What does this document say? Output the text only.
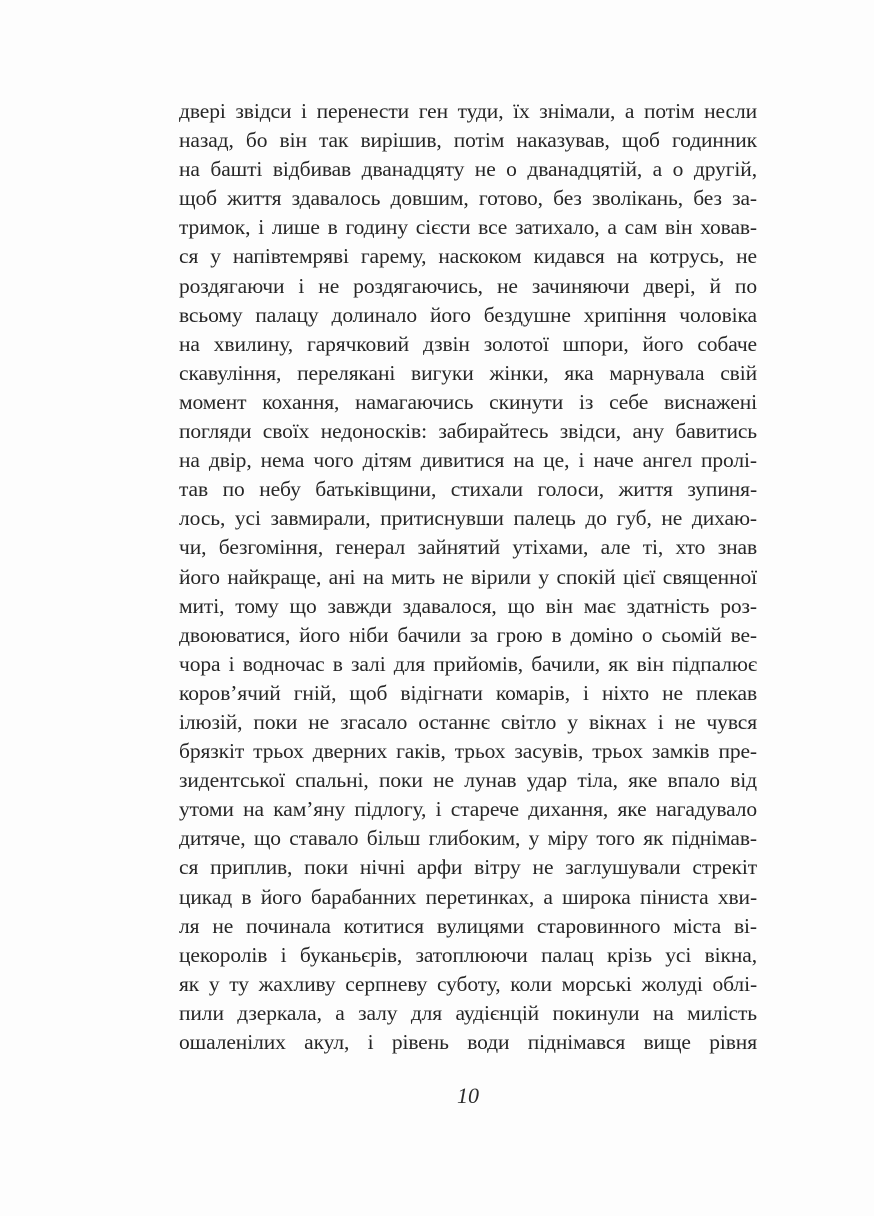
двері звідси і перенести ген туди, їх знімали, а потім несли
назад, бо він так вирішив, потім наказував, щоб годинник
на башті відбивав дванадцяту не о дванадцятій, а о другій,
щоб життя здавалось довшим, готово, без зволікань, без за-
тримок, і лише в годину сієсти все затихало, а сам він ховав-
ся у напівтемряві гарему, наскоком кидався на котрусь, не
роздягаючи і не роздягаючись, не зачиняючи двері, й по
всьому палацу долинало його бездушне хрипіння чоловіка
на хвилину, гарячковий дзвін золотої шпори, його собаче
скавуління, перелякані вигуки жінки, яка марнувала свій
момент кохання, намагаючись скинути із себе виснажені
погляди своїх недоносків: забирайтесь звідси, ану бавитись
на двір, нема чого дітям дивитися на це, і наче ангел пролі-
тав по небу батьківщини, стихали голоси, життя зупиня-
лось, усі завмирали, притиснувши палець до губ, не дихаю-
чи, безгоміння, генерал зайнятий утіхами, але ті, хто знав
його найкраще, ані на мить не вірили у спокій цієї священної
миті, тому що завжди здавалося, що він має здатність роз-
двоюватися, його ніби бачили за грою в доміно о сьомій ве-
чора і водночас в залі для прийомів, бачили, як він підпалює
коров’ячий гній, щоб відігнати комарів, і ніхто не плекав
ілюзій, поки не згасало останнє світло у вікнах і не чувся
брязкіт трьох дверних гаків, трьох засувів, трьох замків пре-
зидентської спальні, поки не лунав удар тіла, яке впало від
утоми на кам’яну підлогу, і старече дихання, яке нагадувало
дитяче, що ставало більш глибоким, у міру того як піднімав-
ся приплив, поки нічні арфи вітру не заглушували стрекіт
цикад в його барабанних перетинках, а широка піниста хви-
ля не починала котитися вулицями старовинного міста ві-
цекоролів і буканьєрів, затоплюючи палац крізь усі вікна,
як у ту жахливу серпневу суботу, коли морські жолуді облі-
пили дзеркала, а залу для аудієнцій покинули на милість
ошаленілих акул, і рівень води піднімався вище рівня
10
